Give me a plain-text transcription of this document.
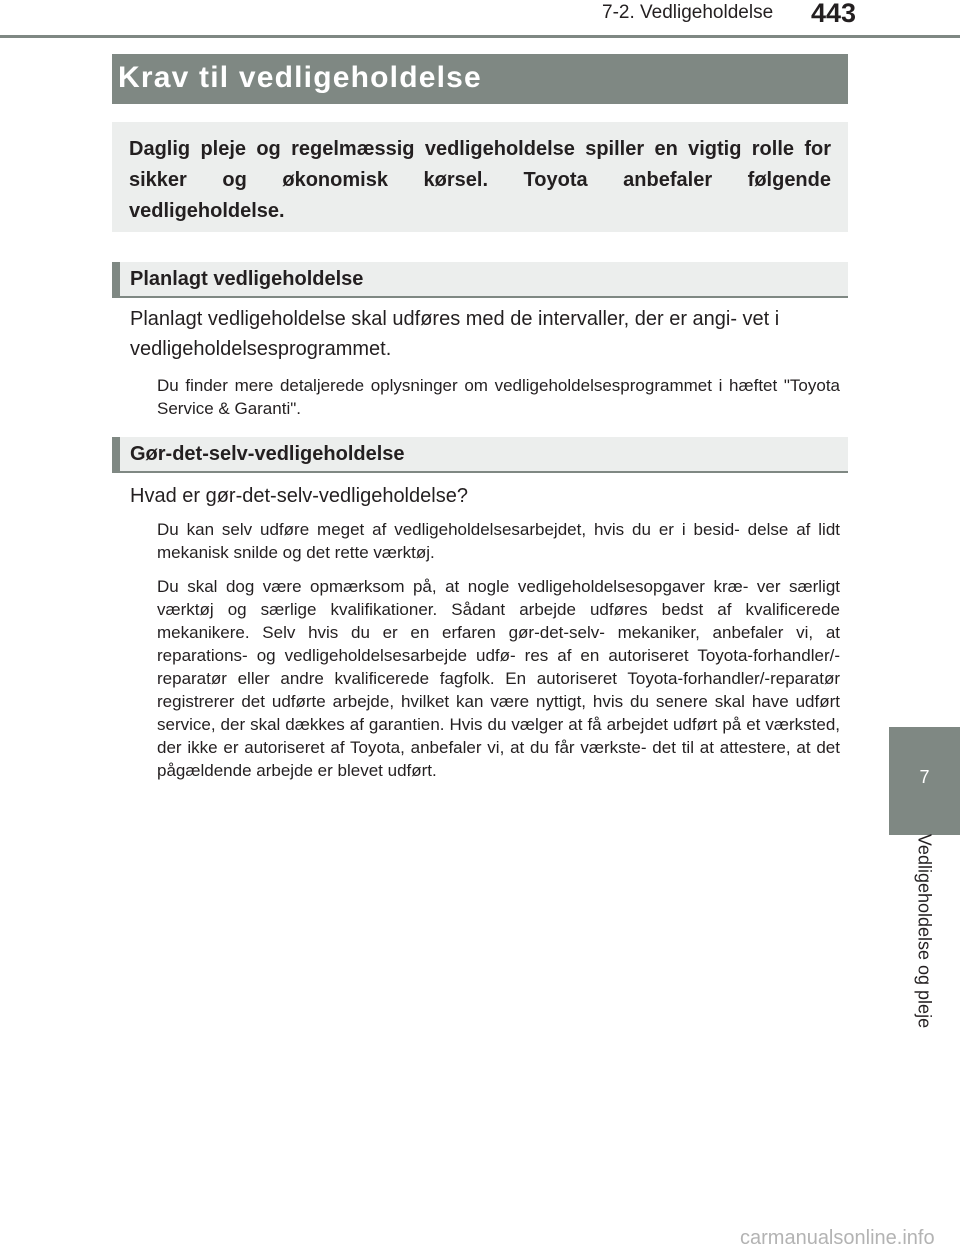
7-2. Vedligeholdelse 443
Krav til vedligeholdelse
Daglig pleje og regelmæssig vedligeholdelse spiller en vigtig rolle for sikker og økonomisk kørsel. Toyota anbefaler følgende vedligeholdelse.
Planlagt vedligeholdelse
Planlagt vedligeholdelse skal udføres med de intervaller, der er angi- vet i vedligeholdelsesprogrammet.
Du finder mere detaljerede oplysninger om vedligeholdelsesprogrammet i hæftet "Toyota Service & Garanti".
Gør-det-selv-vedligeholdelse
Hvad er gør-det-selv-vedligeholdelse?
Du kan selv udføre meget af vedligeholdelsesarbejdet, hvis du er i besid- delse af lidt mekanisk snilde og det rette værktøj.
Du skal dog være opmærksom på, at nogle vedligeholdelsesopgaver kræ- ver særligt værktøj og særlige kvalifikationer. Sådant arbejde udføres bedst af kvalificerede mekanikere. Selv hvis du er en erfaren gør-det-selv- mekaniker, anbefaler vi, at reparations- og vedligeholdelsesarbejde udfø- res af en autoriseret Toyota-forhandler/-reparatør eller andre kvalificerede fagfolk. En autoriseret Toyota-forhandler/-reparatør registrerer det udførte arbejde, hvilket kan være nyttigt, hvis du senere skal have udført service, der skal dækkes af garantien. Hvis du vælger at få arbejdet udført på et værksted, der ikke er autoriseret af Toyota, anbefaler vi, at du får værkste- det til at attestere, at det pågældende arbejde er blevet udført.	7
Vedligeholdelse og pleje
carmanualsonline.info
